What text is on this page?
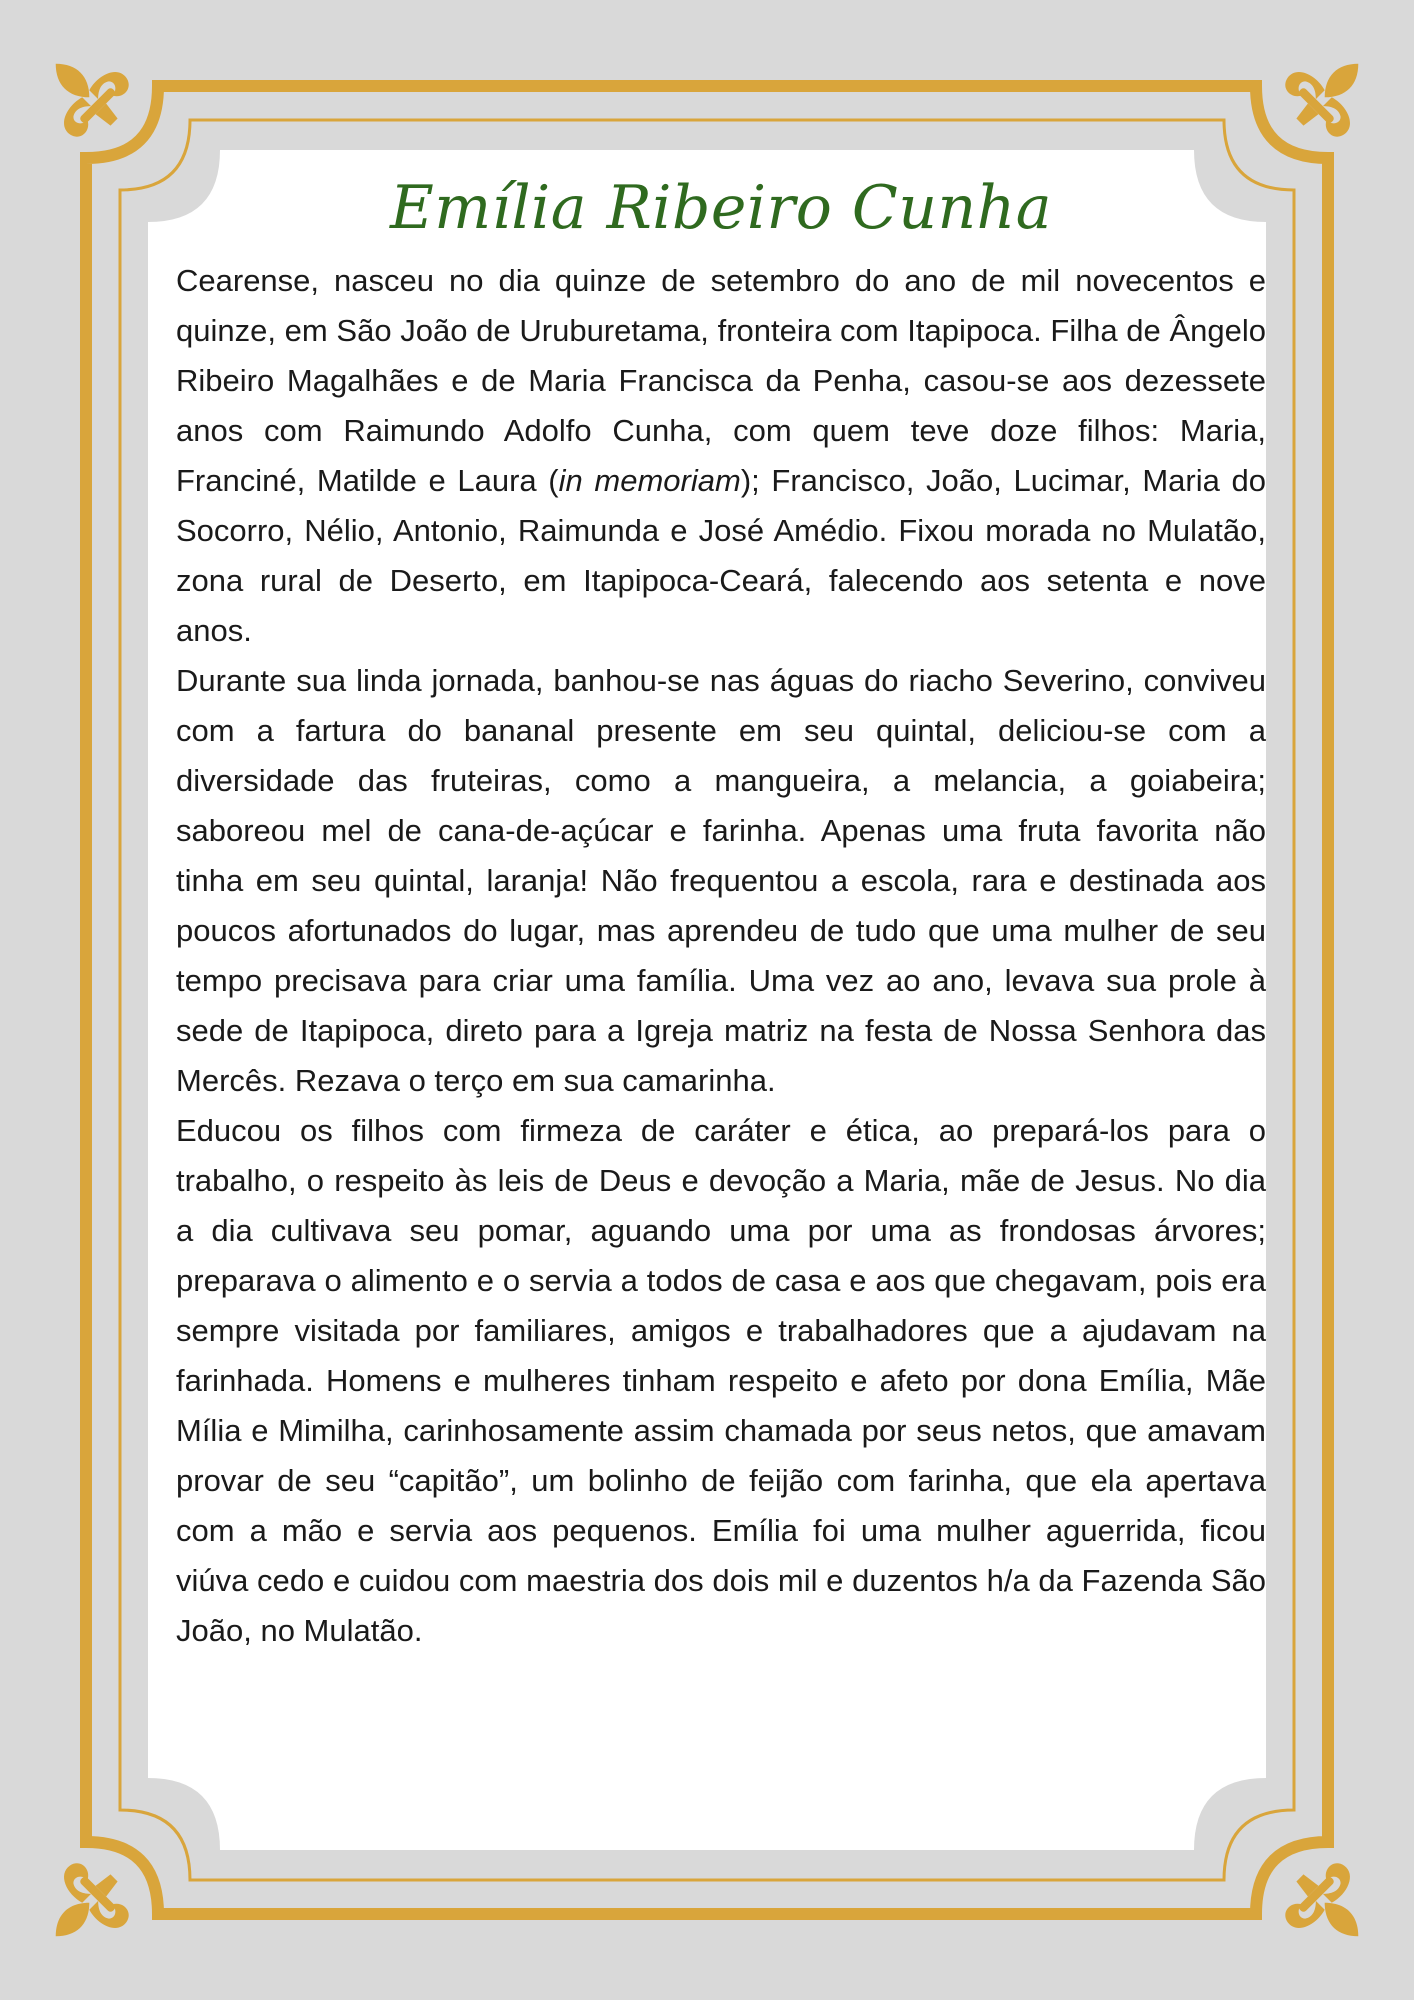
Emília Ribeiro Cunha

Cearense, nasceu no dia quinze de setembro do ano de mil novecentos e quinze, em São João de Uruburetama, fronteira com Itapipoca. Filha de Ângelo Ribeiro Magalhães e de Maria Francisca da Penha, casou-se aos dezessete anos com Raimundo Adolfo Cunha, com quem teve doze filhos: Maria, Franciné, Matilde e Laura (in memoriam); Francisco, João, Lucimar, Maria do Socorro, Nélio, Antonio, Raimunda e José Amédio. Fixou morada no Mulatão, zona rural de Deserto, em Itapipoca-Ceará, falecendo aos setenta e nove anos.

Durante sua linda jornada, banhou-se nas águas do riacho Severino, conviveu com a fartura do bananal presente em seu quintal, deliciou-se com a diversidade das fruteiras, como a mangueira, a melancia, a goiabeira; saboreou mel de cana-de-açúcar e farinha. Apenas uma fruta favorita não tinha em seu quintal, laranja! Não frequentou a escola, rara e destinada aos poucos afortunados do lugar, mas aprendeu de tudo que uma mulher de seu tempo precisava para criar uma família. Uma vez ao ano, levava sua prole à sede de Itapipoca, direto para a Igreja matriz na festa de Nossa Senhora das Mercês. Rezava o terço em sua camarinha.

Educou os filhos com firmeza de caráter e ética, ao prepará-los para o trabalho, o respeito às leis de Deus e devoção a Maria, mãe de Jesus. No dia a dia cultivava seu pomar, aguando uma por uma as frondosas árvores; preparava o alimento e o servia a todos de casa e aos que chegavam, pois era sempre visitada por familiares, amigos e trabalhadores que a ajudavam na farinhada. Homens e mulheres tinham respeito e afeto por dona Emília, Mãe Mília e Mimilha, carinhosamente assim chamada por seus netos, que amavam provar de seu “capitão”, um bolinho de feijão com farinha, que ela apertava com a mão e servia aos pequenos. Emília foi uma mulher aguerrida, ficou viúva cedo e cuidou com maestria dos dois mil e duzentos h/a da Fazenda São João, no Mulatão.
